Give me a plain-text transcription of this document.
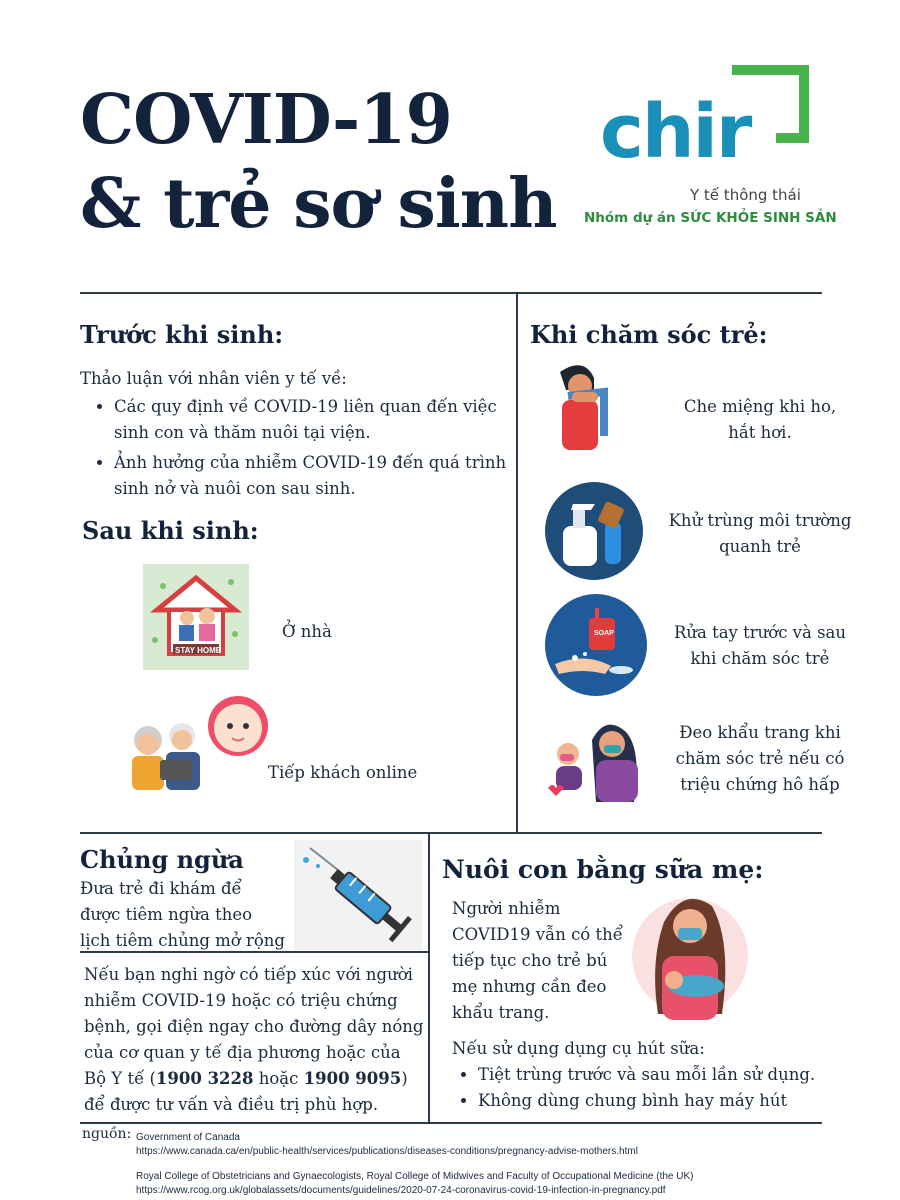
COVID-19
& trẻ sơ sinh
chir
Y tế thông thái
Nhóm dự án SỨC KHỎE SINH SẢN
Trước khi sinh:
Thảo luận với nhân viên y tế về:
• Các quy định về COVID-19 liên quan đến việc sinh con và thăm nuôi tại viện.
• Ảnh hưởng của nhiễm COVID-19 đến quá trình sinh nở và nuôi con sau sinh.
Sau khi sinh:
STAY HOME
Ở nhà
Tiếp khách online
Khi chăm sóc trẻ:
Che miệng khi ho, hắt hơi.
Khử trùng môi trường quanh trẻ
SOAP	Rửa tay trước và sau khi chăm sóc trẻ
Đeo khẩu trang khi chăm sóc trẻ nếu có triệu chứng hô hấp
Chủng ngừa
Đưa trẻ đi khám để được tiêm ngừa theo lịch tiêm chủng mở rộng
Nếu bạn nghi ngờ có tiếp xúc với người nhiễm COVID-19 hoặc có triệu chứng bệnh, gọi điện ngay cho đường dây nóng của cơ quan y tế địa phương hoặc của Bộ Y tế (1900 3228 hoặc 1900 9095) để được tư vấn và điều trị phù hợp.
Nuôi con bằng sữa mẹ:
Người nhiễm COVID19 vẫn có thể tiếp tục cho trẻ bú mẹ nhưng cần đeo khẩu trang.
Nếu sử dụng dụng cụ hút sữa:
• Tiệt trùng trước và sau mỗi lần sử dụng.
• Không dùng chung bình hay máy hút
nguồn: Government of Canada
https://www.canada.ca/en/public-health/services/publications/diseases-conditions/pregnancy-advise-mothers.html
Royal College of Obstetricians and Gynaecologists, Royal College of Midwives and Faculty of Occupational Medicine (the UK)
https://www.rcog.org.uk/globalassets/documents/guidelines/2020-07-24-coronavirus-covid-19-infection-in-pregnancy.pdf
